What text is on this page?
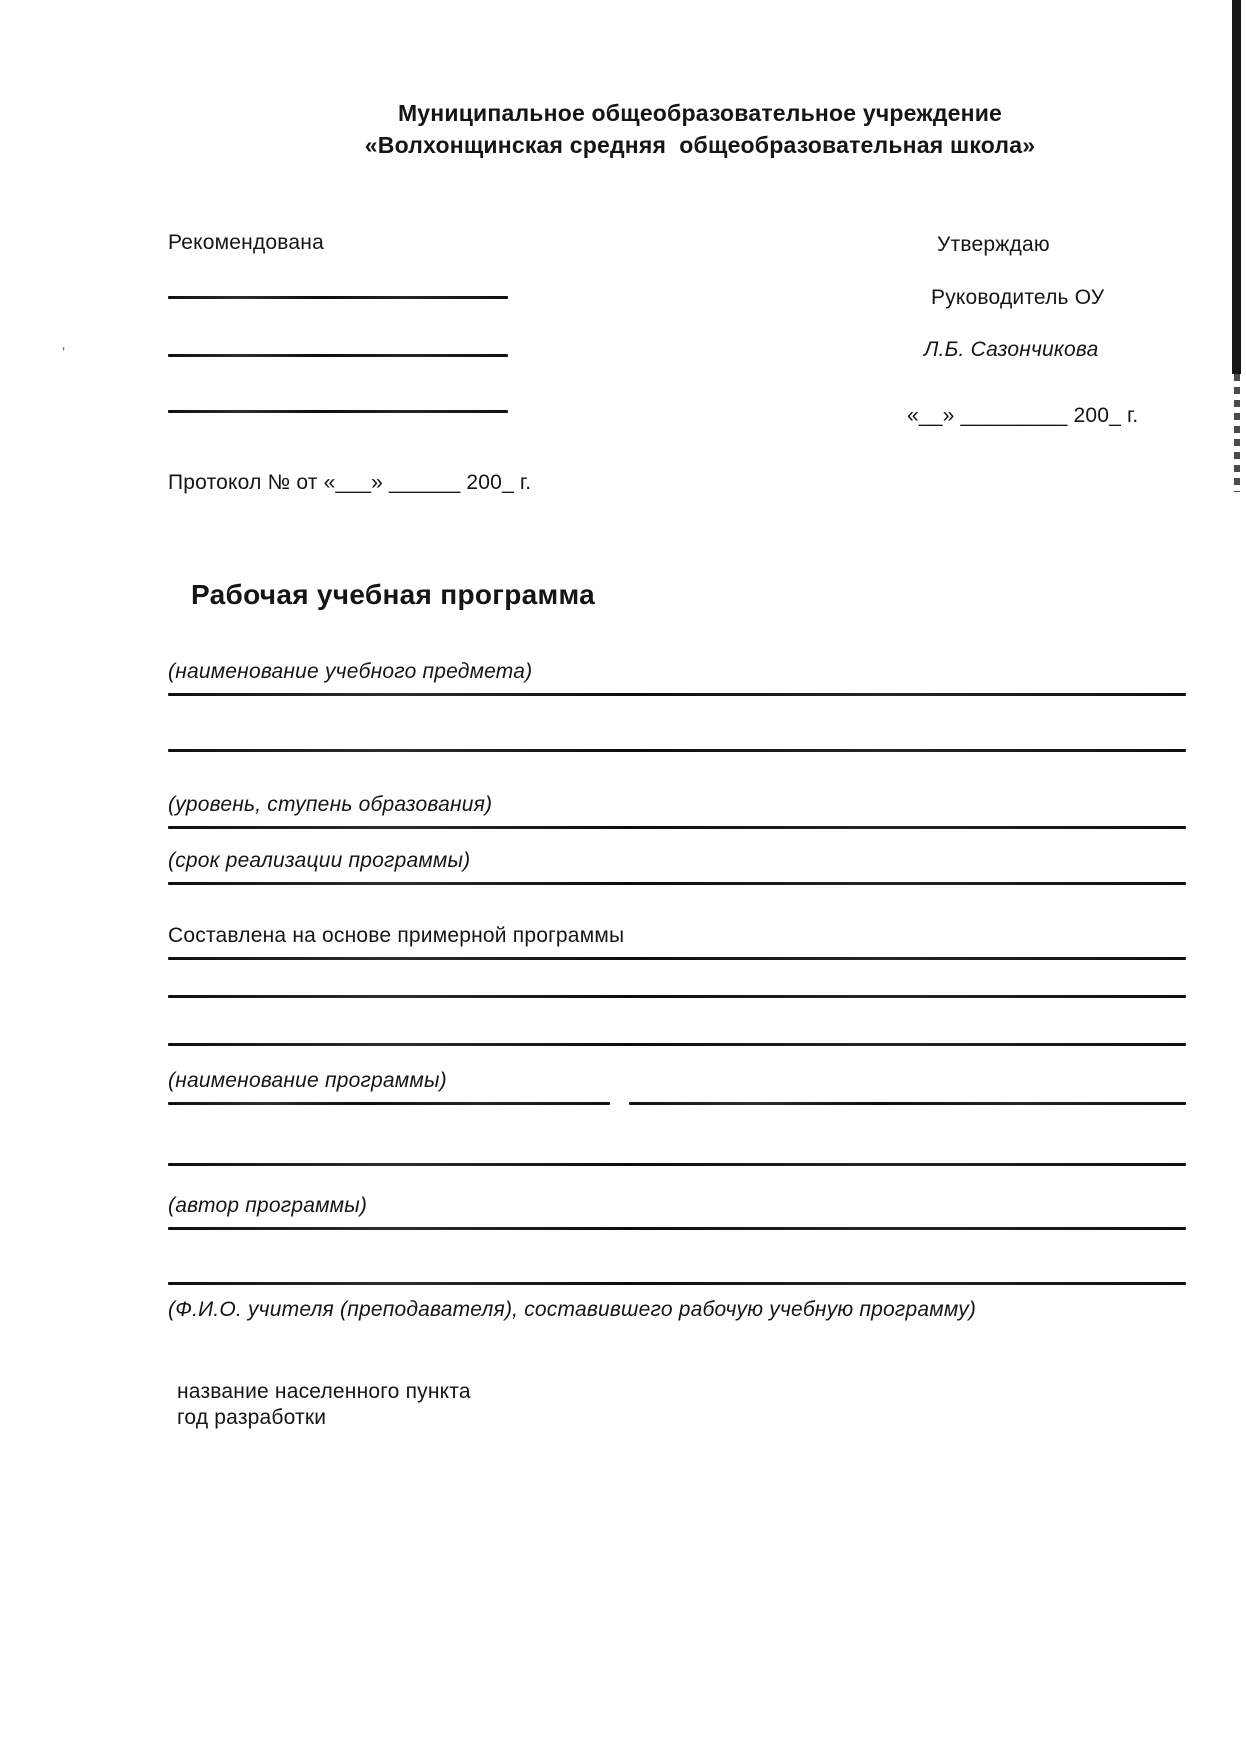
’
Муниципальное общеобразовательное учреждение
«Волхонщинская средняя  общеобразовательная школа»
Рекомендована	Утверждаю
Руководитель ОУ
Л.Б. Сазончикова
«__» _________ 200_ г.
Протокол № от «___» ______ 200_ г.
Рабочая учебная программа
(наименование учебного предмета)
(уровень, ступень образования)
(срок реализации программы)
Составлена на основе примерной программы
(наименование программы)
(автор программы)
(Ф.И.О. учителя (преподавателя), составившего рабочую учебную программу)
название населенного пункта
год разработки
